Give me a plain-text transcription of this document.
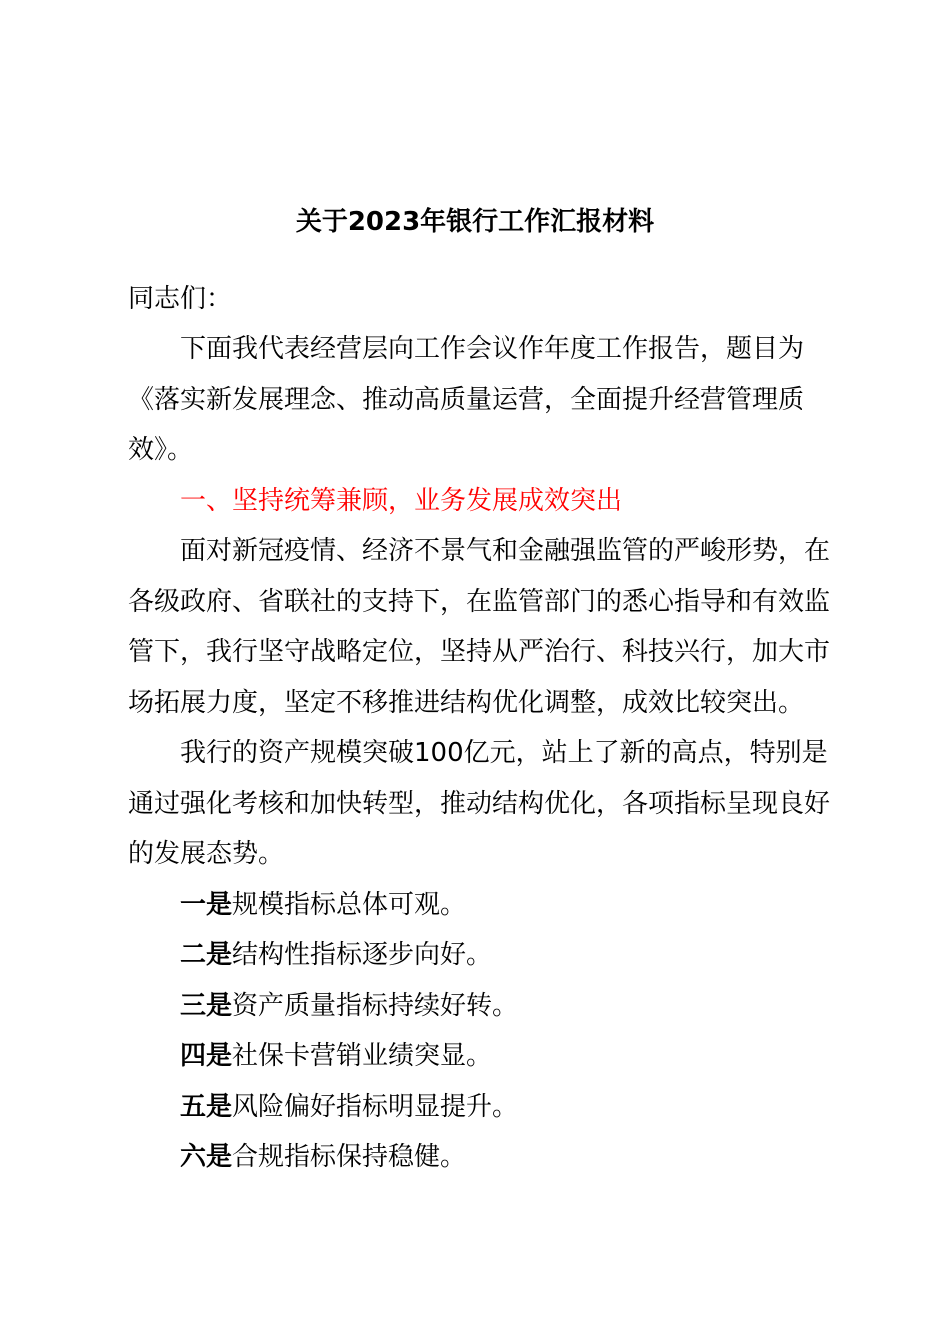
关于2023年银行工作汇报材料
同志们：
下面我代表经营层向工作会议作年度工作报告，题目为
《落实新发展理念、推动高质量运营，全面提升经营管理质
效》。
一、坚持统筹兼顾，业务发展成效突出
面对新冠疫情、经济不景气和金融强监管的严峻形势，在
各级政府、省联社的支持下，在监管部门的悉心指导和有效监
管下，我行坚守战略定位，坚持从严治行、科技兴行，加大市
场拓展力度，坚定不移推进结构优化调整，成效比较突出。
我行的资产规模突破100亿元，站上了新的高点，特别是
通过强化考核和加快转型，推动结构优化，各项指标呈现良好
的发展态势。
一是规模指标总体可观。
二是结构性指标逐步向好。
三是资产质量指标持续好转。
四是社保卡营销业绩突显。
五是风险偏好指标明显提升。
六是合规指标保持稳健。
